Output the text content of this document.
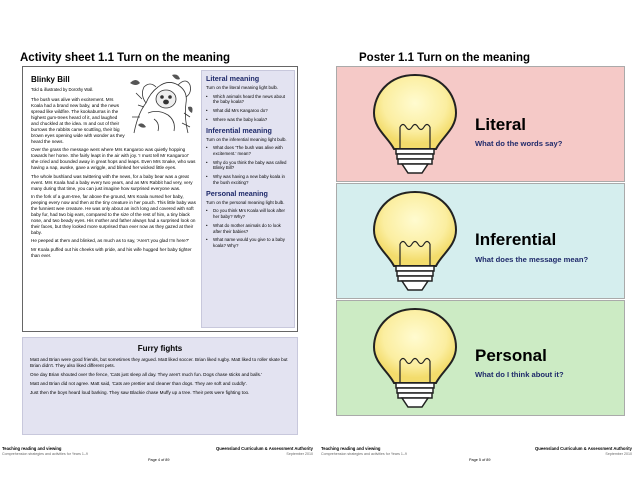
Activity sheet 1.1 Turn on the meaning
Blinky Bill
Told & illustrated by Dorothy Wall.

The bush was alive with excitement. Mrs Koala had a brand new baby, and the news spread like wildfire. The kookaburras in the highest gum-trees heard of it, and laughed and chuckled at the idea. In and out of their burrows the rabbits came scuttling, their big brown eyes opening wide with wonder as they heard the news.

Over the grass the message went where Mrs Kangaroo was quietly hopping towards her home. She fairly leapt in the air with joy. 'I must tell Mr Kangaroo!' she cried and bounded away in great hops and leaps. Even Mrs Snake, who was having a nap, awoke, gave a wriggle, and blinked her wicked little eyes.

The whole bushland was twittering with the news, for a baby bear was a great event. Mrs Koala had a baby every two years, and as Mrs Rabbit had very, very many during that time, you can just imagine how surprised everyone was.

In the fork of a gum-tree, far above the ground, Mrs Koala nursed her baby, peeping every now and then at the tiny creature in her pouch. This little baby was the funniest wee creature. He was only about an inch long and covered with soft baby fur, had two big ears, compared to the size of the rest of him, a tiny black nose, and two beady eyes. His mother and father always had a surprised look on their faces, but they looked more surprised than ever now as they gazed at their baby.

He peeped at them and blinked, as much as to say, 'Aren't you glad I'm here?'

Mr Koala puffed out his cheeks with pride, and his wife hugged her baby tighter than ever.

Literal meaning
Turn on the literal meaning light bulb.
• Which animals heard the news about the baby koala?
• What did Mrs Kangaroo do?
• Where was the baby koala?
Inferential meaning
Turn on the inferential meaning light bulb.
• What does 'The bush was alive with excitement.' mean?
• Why do you think the baby was called Blinky Bill?
• Why was having a new baby koala in the bush exciting?
Personal meaning
Turn on the personal meaning light bulb.
• Do you think Mrs Koala will look after her baby? Why?
• What do mother animals do to look after their babies?
• What name would you give to a baby koala? Why?
Furry fights

Matt and Brian were good friends, but sometimes they argued. Matt liked soccer. Brian liked rugby. Matt liked to roller skate but Brian didn't. They also liked different pets.

One day Brian shouted over the fence, 'Cats just sleep all day. They aren't much fun. Dogs chase sticks and balls.'

Matt and Brian did not agree. Matt said, 'Cats are prettier and cleaner than dogs. They are soft and cuddly'.

Just then the boys heard loud barking. They saw Blackie chase Muffy up a tree. Their pets were fighting too.

Teaching reading and viewing
Comprehension strategies and activities for Years 1–9
Queensland Curriculum & Assessment Authority
September 2010
Page 4 of 89
Poster 1.1 Turn on the meaning
Literal
What do the words say?
Inferential
What does the message mean?
Personal
What do I think about it?
Teaching reading and viewing
Comprehension strategies and activities for Years 1–9
Queensland Curriculum & Assessment Authority
September 2010
Page 5 of 89
